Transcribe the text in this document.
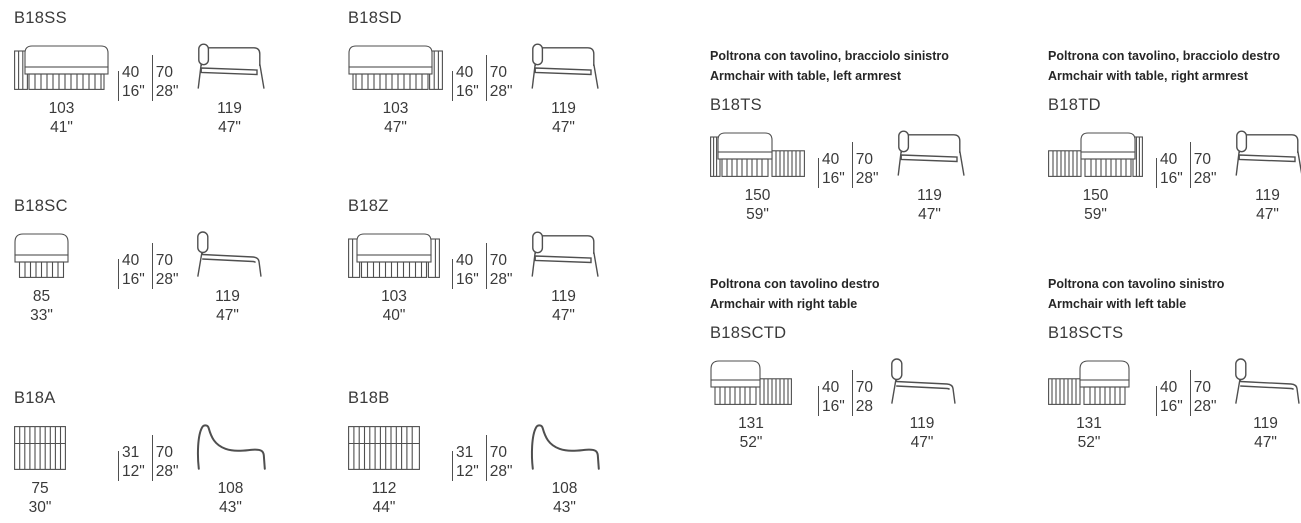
B18SS
103
41"
40
16"
70
28"
119
47"
B18SD
103
47"
40
16"
70
28"
119
47"
B18SC
85
33"
40
16"
70
28"
119
47"
B18Z
103
40"
40
16"
70
28"
119
47"
B18A
75
30"
31
12"
70
28"
108
43"
B18B
112
44"
31
12"
70
28"
108
43"
Poltrona con tavolino, bracciolo sinistro
Armchair with table, left armrest
B18TS
150
59"
40
16"
70
28"
119
47"
Poltrona con tavolino, bracciolo destro
Armchair with table, right armrest
B18TD
150
59"
40
16"
70
28"
119
47"
Poltrona con tavolino destro
Armchair with right table
B18SCTD
131
52"
40
16"
70
28
119
47"
Poltrona con tavolino sinistro
Armchair with left table
B18SCTS
131
52"
40
16"
70
28"
119
47"
